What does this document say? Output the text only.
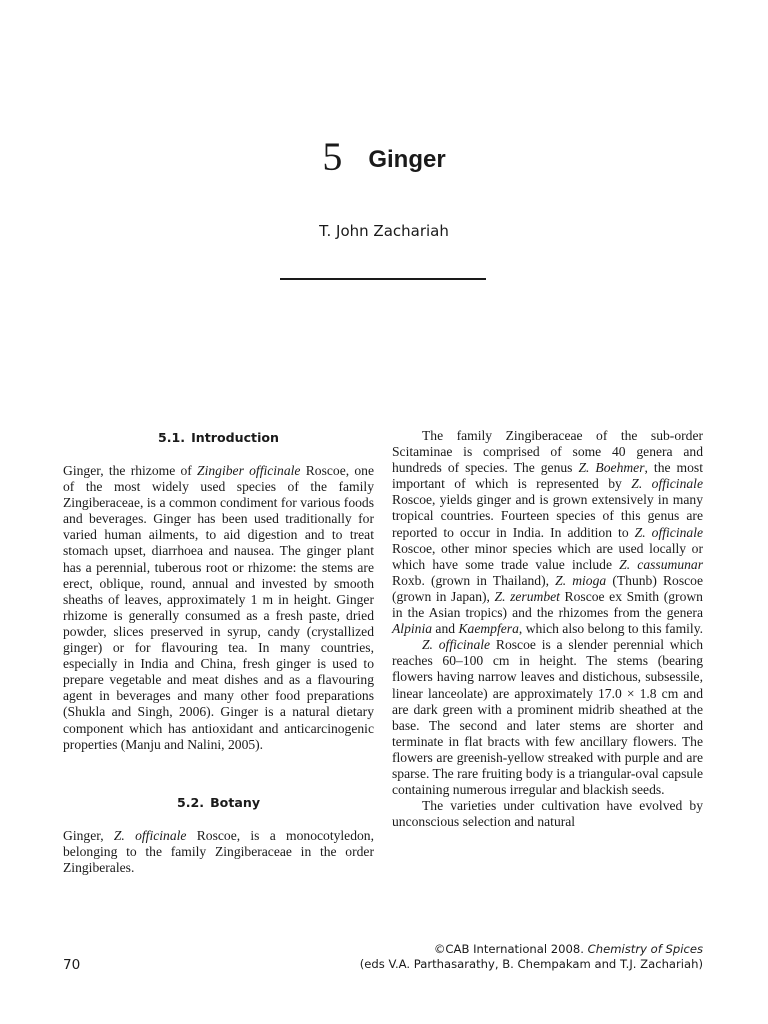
5 Ginger
T. John Zachariah
5.1. Introduction

Ginger, the rhizome of Zingiber officinale Roscoe, one of the most widely used species of the family Zingiberaceae, is a common condiment for various foods and beverages. Ginger has been used traditionally for varied human ailments, to aid digestion and to treat stomach upset, diarrhoea and nausea. The ginger plant has a perennial, tuberous root or rhizome: the stems are erect, oblique, round, annual and invested by smooth sheaths of leaves, approximately 1 m in height. Ginger rhizome is generally consumed as a fresh paste, dried powder, slices preserved in syrup, candy (crystallized ginger) or for flavouring tea. In many countries, especially in India and China, fresh ginger is used to prepare vegetable and meat dishes and as a flavouring agent in beverages and many other food preparations (Shukla and Singh, 2006). Ginger is a natural dietary component which has antioxidant and anticarcinogenic properties (Manju and Nalini, 2005).

5.2. Botany

Ginger, Z. officinale Roscoe, is a monocotyledon, belonging to the family Zingiberaceae in the order Zingiberales.

The family Zingiberaceae of the sub-order Scitaminae is comprised of some 40 genera and hundreds of species. The genus Z. Boehmer, the most important of which is represented by Z. officinale Roscoe, yields ginger and is grown extensively in many tropical countries. Fourteen species of this genus are reported to occur in India. In addition to Z. officinale Roscoe, other minor species which are used locally or which have some trade value include Z. cassumunar Roxb. (grown in Thailand), Z. mioga (Thunb) Roscoe (grown in Japan), Z. zerumbet Roscoe ex Smith (grown in the Asian tropics) and the rhizomes from the genera Alpinia and Kaempfera, which also belong to this family.

Z. officinale Roscoe is a slender perennial which reaches 60–100 cm in height. The stems (bearing flowers having narrow leaves and distichous, subsessile, linear lanceolate) are approximately 17.0 × 1.8 cm and are dark green with a prominent midrib sheathed at the base. The second and later stems are shorter and terminate in flat bracts with few ancillary flowers. The flowers are greenish-yellow streaked with purple and are sparse. The rare fruiting body is a triangular-oval capsule containing numerous irregular and blackish seeds.

The varieties under cultivation have evolved by unconscious selection and natural

70
©CAB International 2008. Chemistry of Spices
(eds V.A. Parthasarathy, B. Chempakam and T.J. Zachariah)
